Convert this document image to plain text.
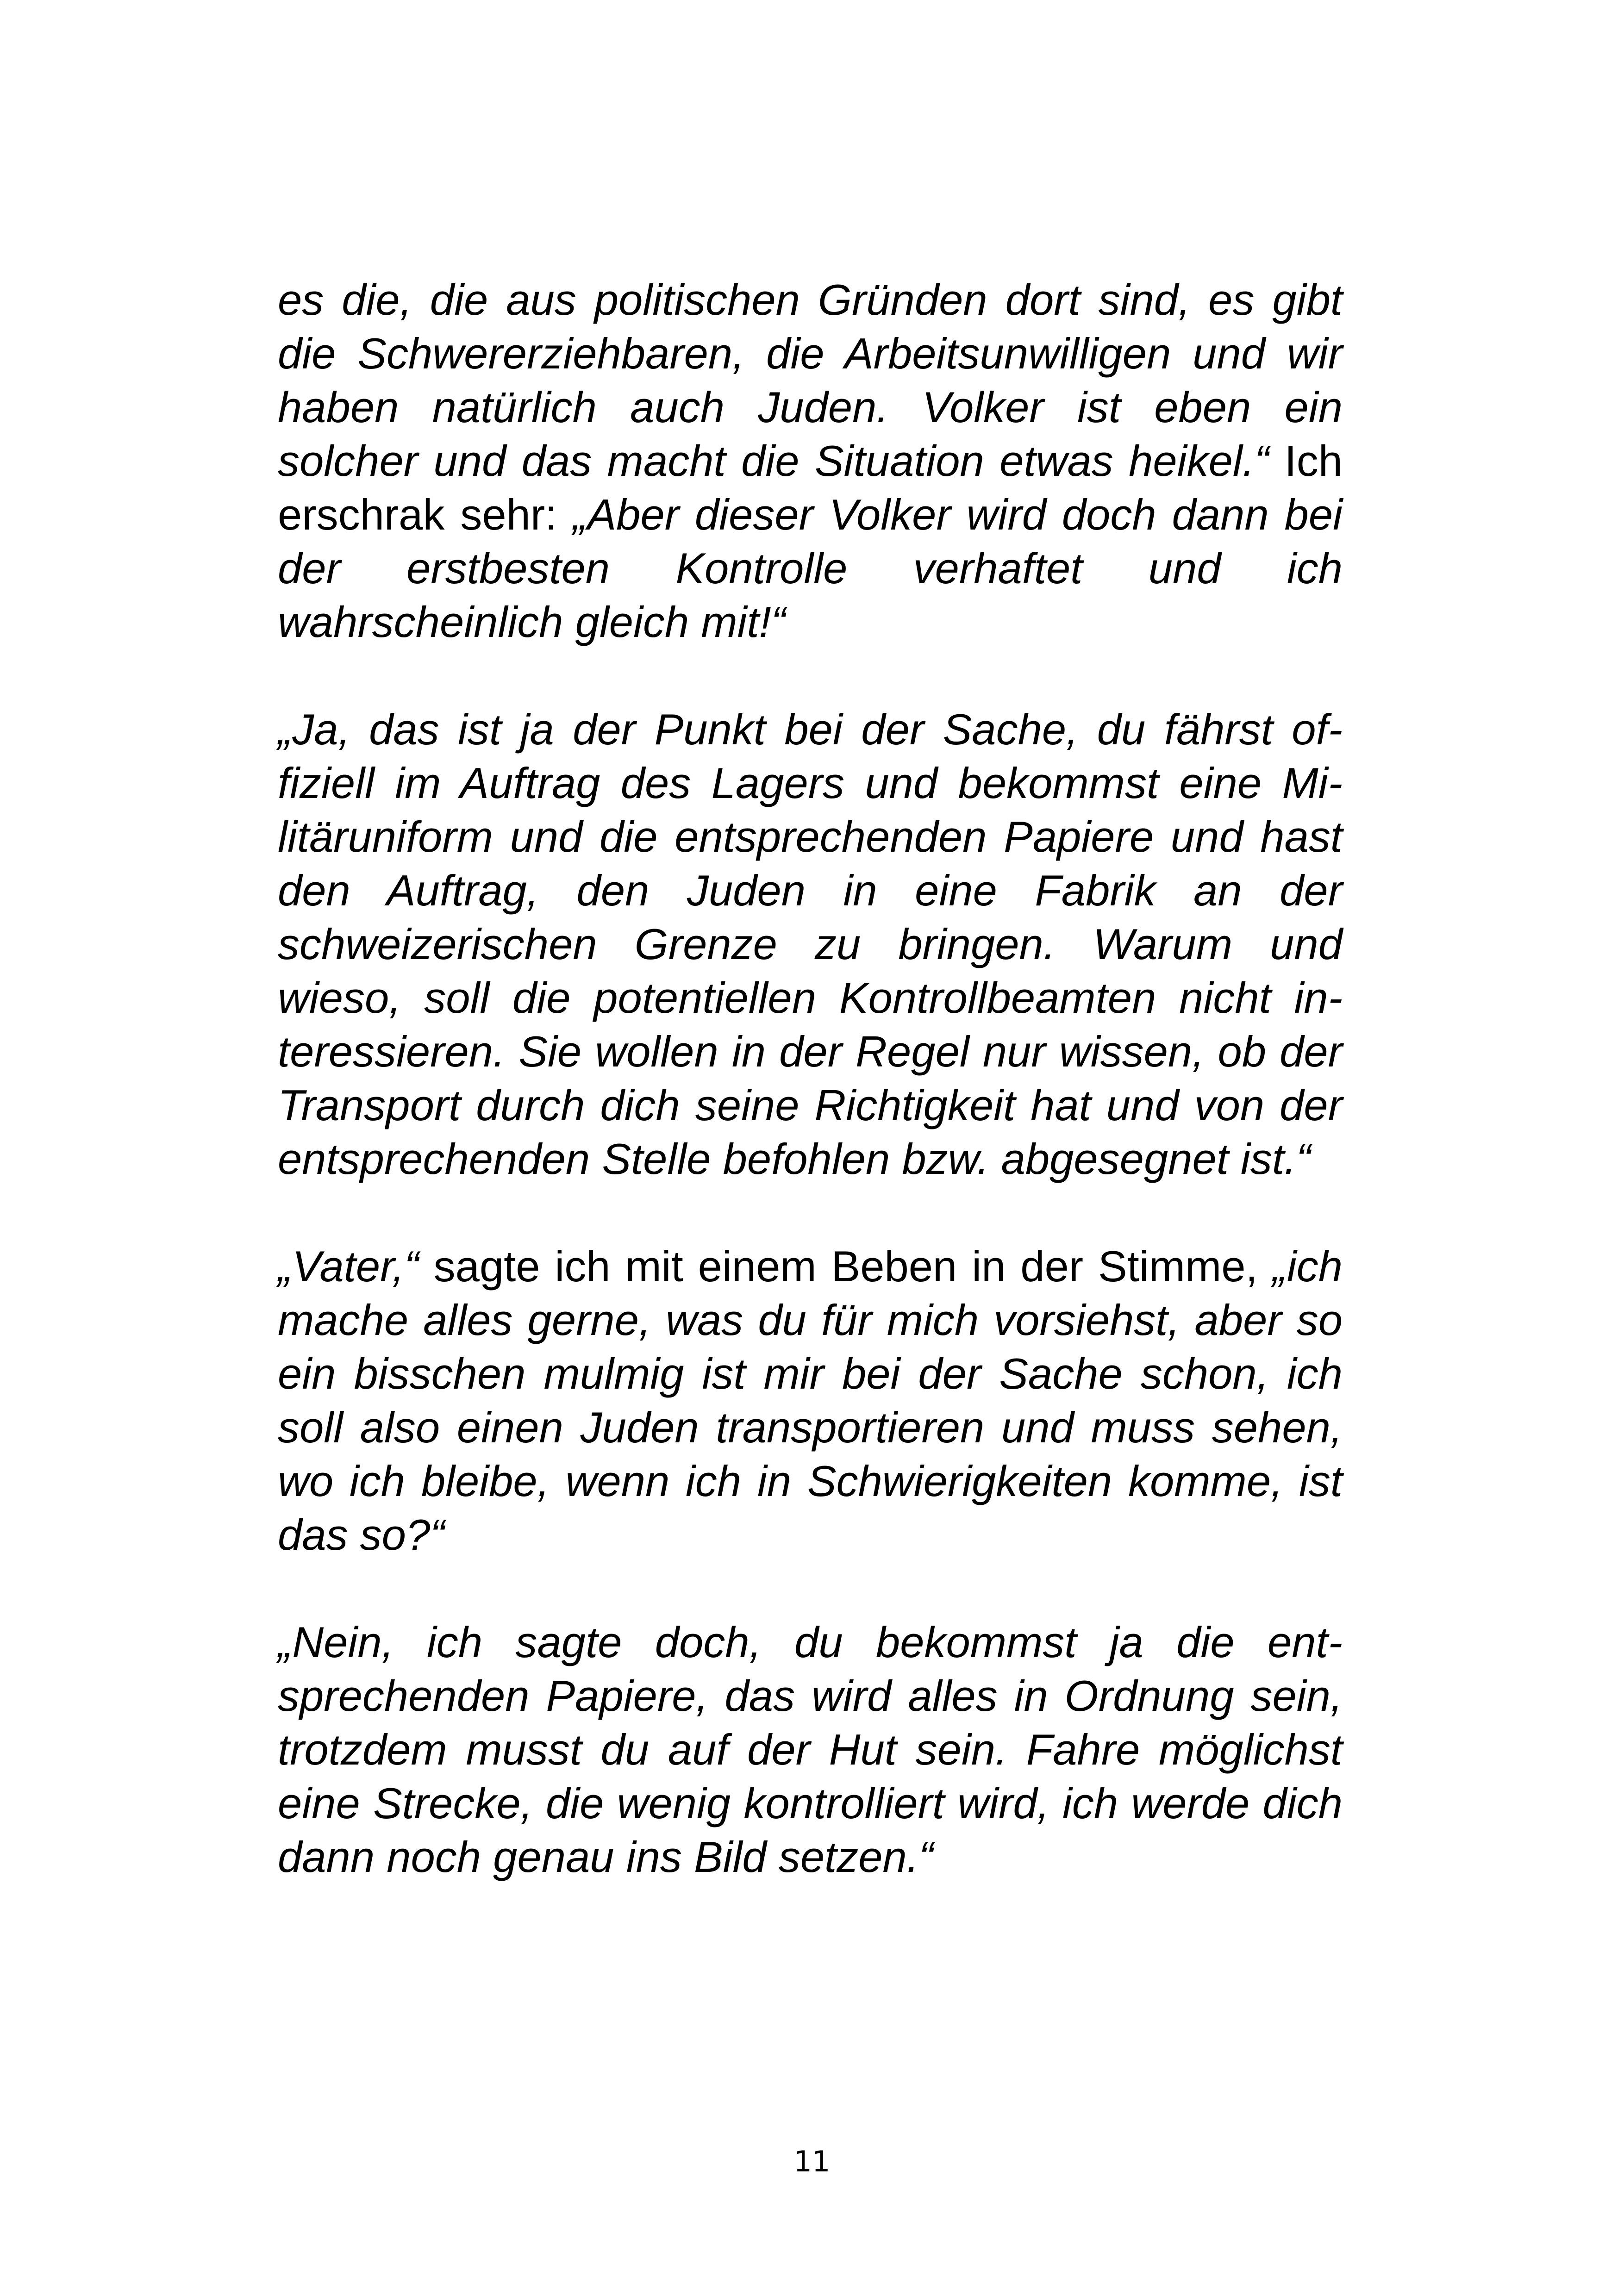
es die, die aus politischen Gründen dort sind, es gibt die Schwererziehbaren, die Arbeitsunwilligen und wir haben natürlich auch Juden. Volker ist eben ein solcher und das macht die Situation etwas heikel.“ Ich erschrak sehr: „Aber dieser Volker wird doch dann bei der erstbesten Kontrolle verhaftet und ich wahrscheinlich gleich mit!“

„Ja, das ist ja der Punkt bei der Sache, du fährst offiziell im Auftrag des Lagers und bekommst eine Militäruniform und die entsprechenden Papiere und hast den Auftrag, den Juden in eine Fabrik an der schweizerischen Grenze zu bringen. Warum und wieso, soll die potentiellen Kontrollbeamten nicht interessieren. Sie wollen in der Regel nur wissen, ob der Transport durch dich seine Richtigkeit hat und von der entsprechenden Stelle befohlen bzw. abgesegnet ist.“

„Vater,“ sagte ich mit einem Beben in der Stimme, „ich mache alles gerne, was du für mich vorsiehst, aber so ein bisschen mulmig ist mir bei der Sache schon, ich soll also einen Juden transportieren und muss sehen, wo ich bleibe, wenn ich in Schwierigkeiten komme, ist das so?“

„Nein, ich sagte doch, du bekommst ja die entsprechenden Papiere, das wird alles in Ordnung sein, trotzdem musst du auf der Hut sein. Fahre möglichst eine Strecke, die wenig kontrolliert wird, ich werde dich dann noch genau ins Bild setzen.“

11
